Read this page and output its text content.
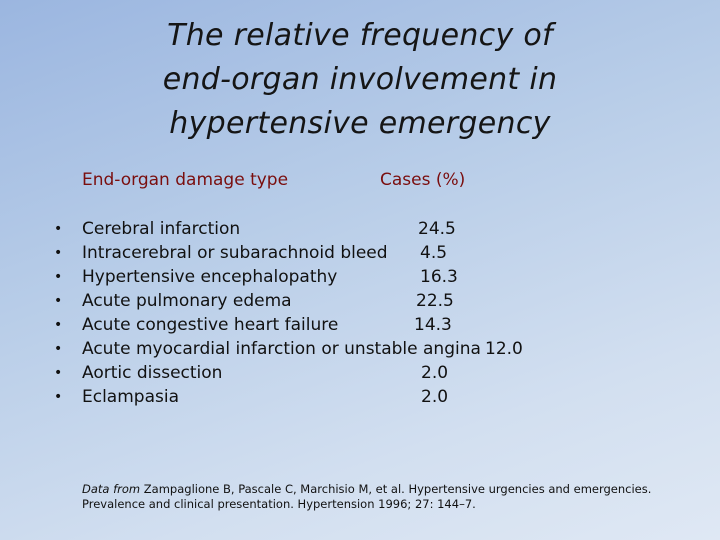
The relative frequency of
end-organ involvement in
hypertensive emergency
End-organ damage type	Cases (%)
• Cerebral infarction	24.5
• Intracerebral or subarachnoid bleed 4.5
• Hypertensive encephalopathy	16.3
• Acute pulmonary edema	22.5
• Acute congestive heart failure	14.3
• Acute myocardial infarction or unstable angina 12.0
• Aortic dissection	2.0
• Eclampasia	2.0
Data from Zampaglione B, Pascale C, Marchisio M, et al. Hypertensive urgencies and emergencies.
Prevalence and clinical presentation. Hypertension 1996; 27: 144–7.
